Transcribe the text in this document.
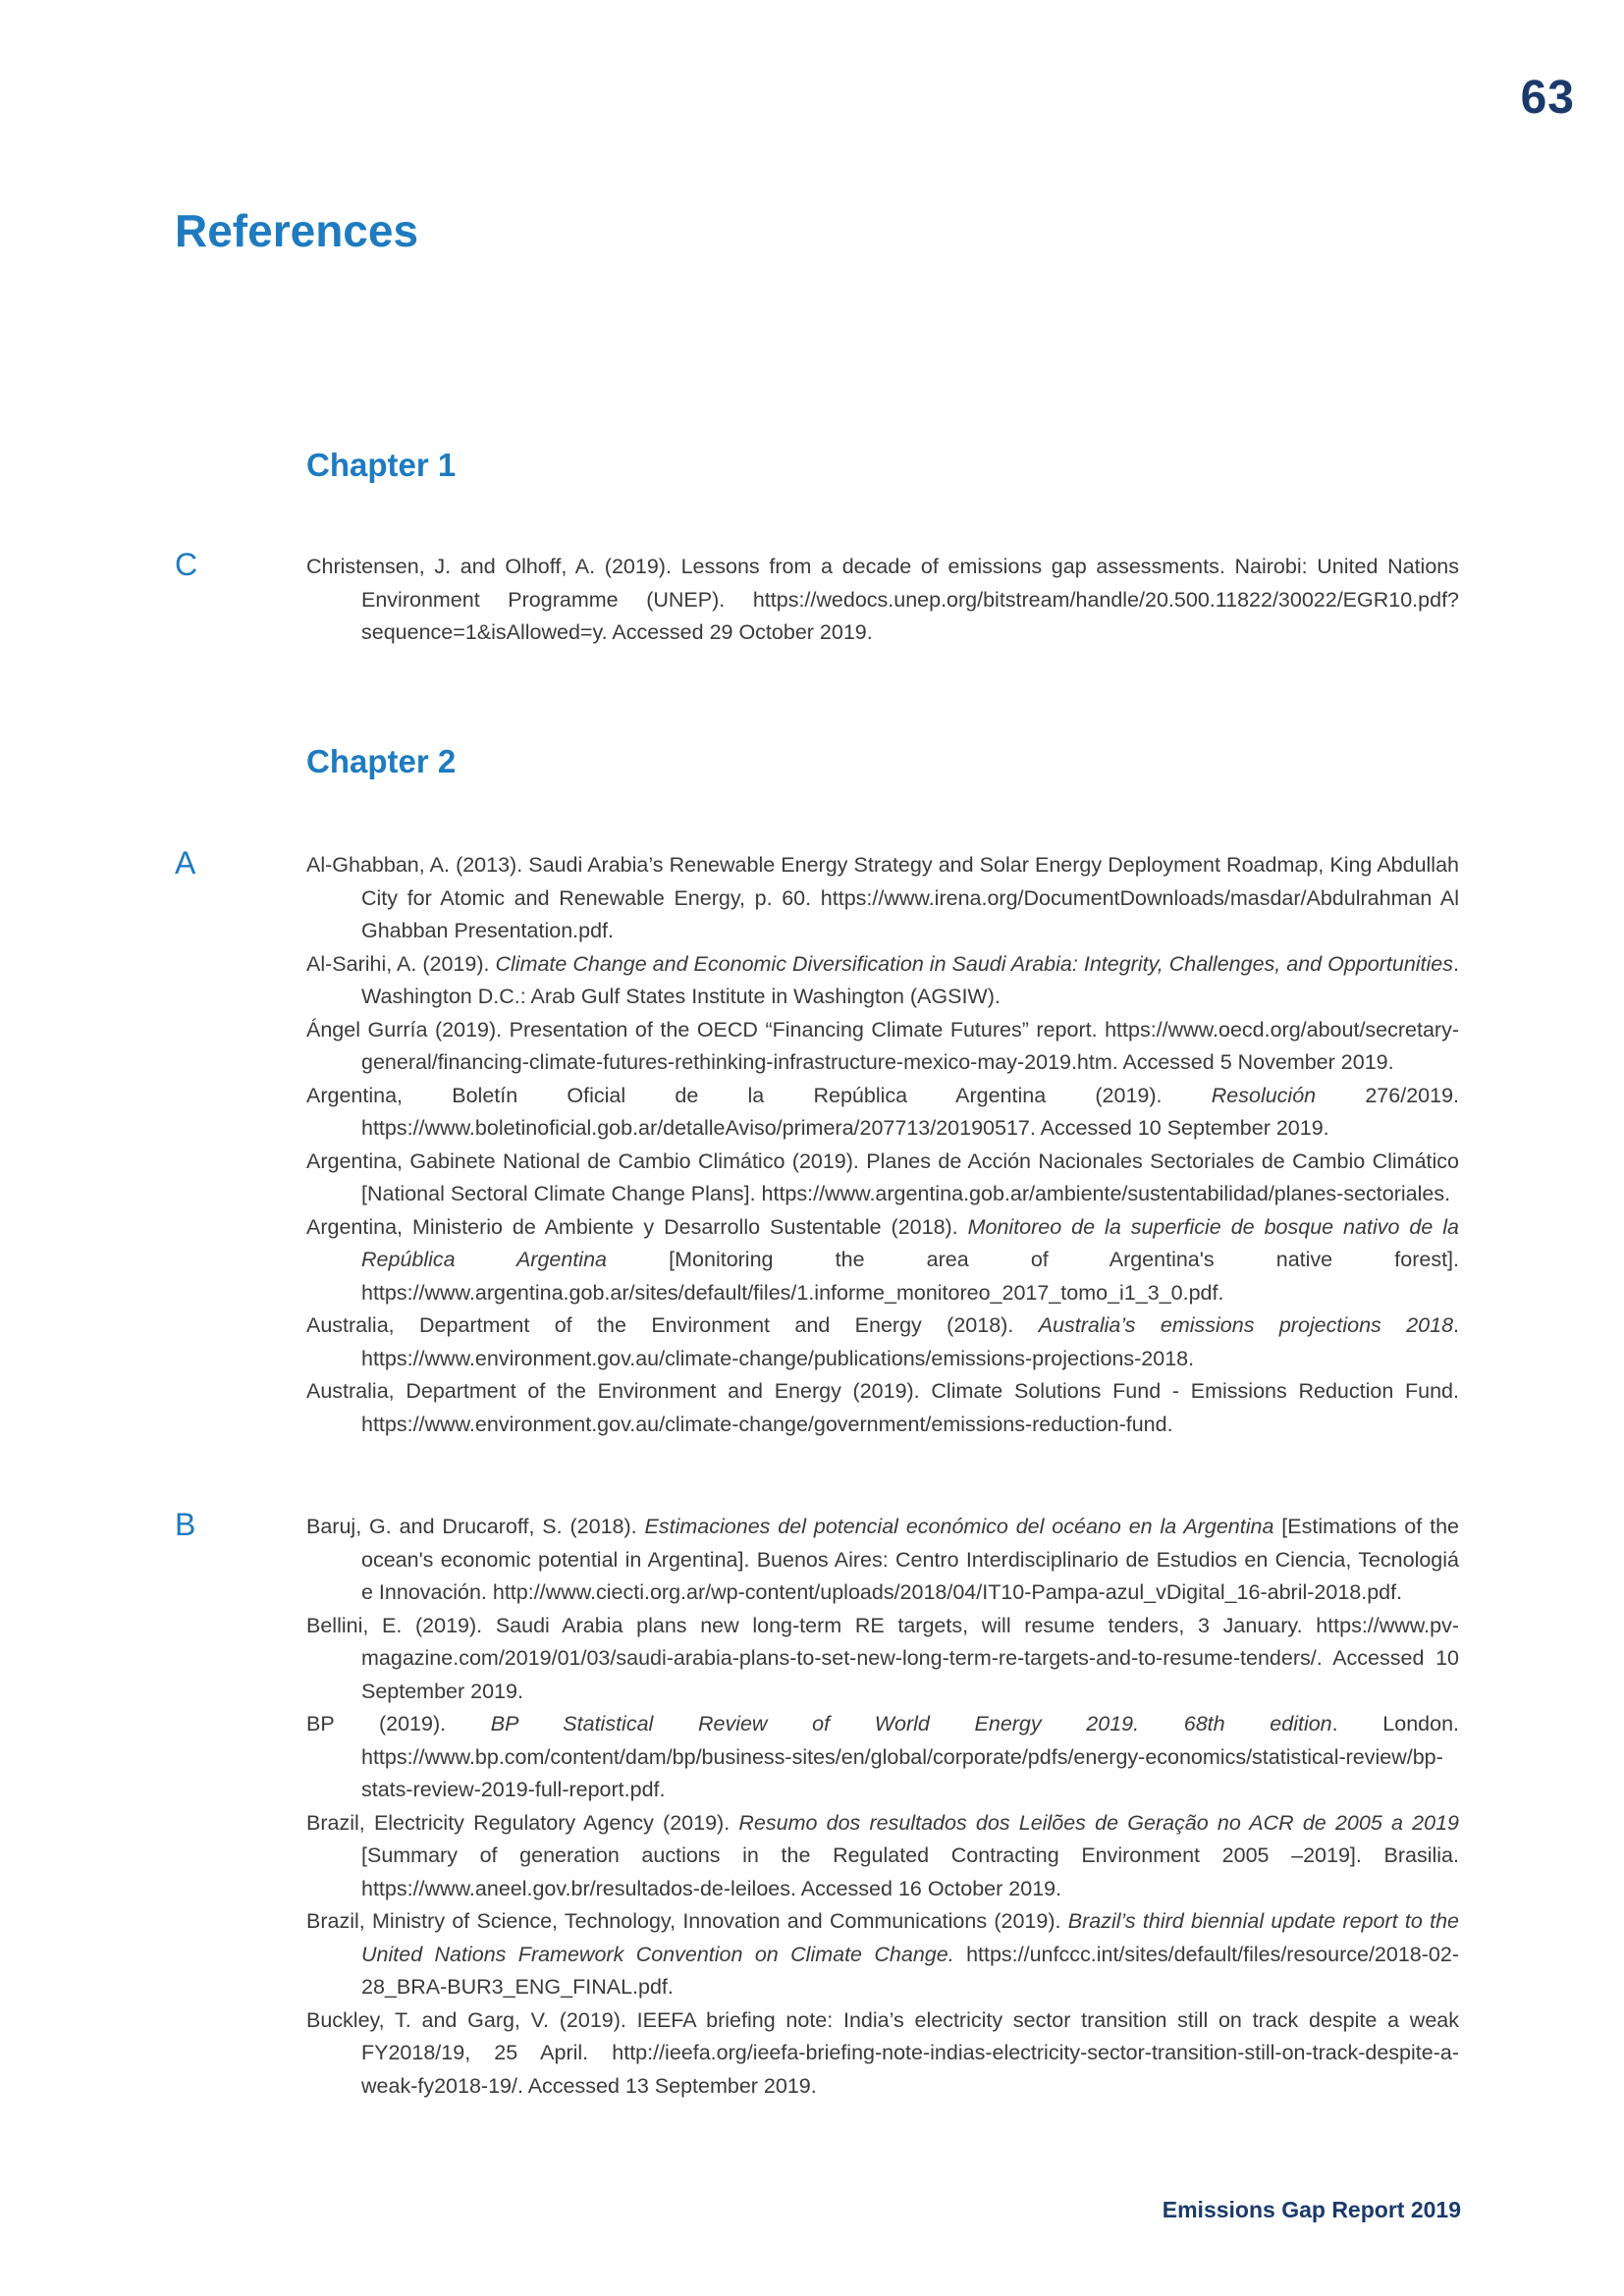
63
References
Chapter 1
C	Christensen, J. and Olhoff, A. (2019). Lessons from a decade of emissions gap assessments. Nairobi: United Nations Environment Programme (UNEP). https://wedocs.unep.org/bitstream/handle/20.500.11822/30022/EGR10.pdf?sequence=1&isAllowed=y. Accessed 29 October 2019.

Chapter 2
A	Al-Ghabban, A. (2013). Saudi Arabia’s Renewable Energy Strategy and Solar Energy Deployment Roadmap, King Abdullah City for Atomic and Renewable Energy, p. 60. https://www.irena.org/DocumentDownloads/masdar/Abdulrahman Al Ghabban Presentation.pdf.

Al-Sarihi, A. (2019). Climate Change and Economic Diversification in Saudi Arabia: Integrity, Challenges, and Opportunities. Washington D.C.: Arab Gulf States Institute in Washington (AGSIW).

Ángel Gurría (2019). Presentation of the OECD “Financing Climate Futures” report. https://www.oecd.org/about/secretary-general/financing-climate-futures-rethinking-infrastructure-mexico-may-2019.htm. Accessed 5 November 2019.

Argentina, Boletín Oficial de la República Argentina (2019). Resolución 276/2019. https://www.boletinoficial.gob.ar/detalleAviso/primera/207713/20190517. Accessed 10 September 2019.

Argentina, Gabinete National de Cambio Climático (2019). Planes de Acción Nacionales Sectoriales de Cambio Climático [National Sectoral Climate Change Plans]. https://www.argentina.gob.ar/ambiente/sustentabilidad/planes-sectoriales.

Argentina, Ministerio de Ambiente y Desarrollo Sustentable (2018). Monitoreo de la superficie de bosque nativo de la República Argentina [Monitoring the area of Argentina's native forest]. https://www.argentina.gob.ar/sites/default/files/1.informe_monitoreo_2017_tomo_i1_3_0.pdf.

Australia, Department of the Environment and Energy (2018). Australia’s emissions projections 2018. https://www.environment.gov.au/climate-change/publications/emissions-projections-2018.

Australia, Department of the Environment and Energy (2019). Climate Solutions Fund - Emissions Reduction Fund. https://www.environment.gov.au/climate-change/government/emissions-reduction-fund.

B	Baruj, G. and Drucaroff, S. (2018). Estimaciones del potencial económico del océano en la Argentina [Estimations of the ocean's economic potential in Argentina]. Buenos Aires: Centro Interdisciplinario de Estudios en Ciencia, Tecnologiá e Innovación. http://www.ciecti.org.ar/wp-content/uploads/2018/04/IT10-Pampa-azul_vDigital_16-abril-2018.pdf.

Bellini, E. (2019). Saudi Arabia plans new long-term RE targets, will resume tenders, 3 January. https://www.pv-magazine.com/2019/01/03/saudi-arabia-plans-to-set-new-long-term-re-targets-and-to-resume-tenders/. Accessed 10 September 2019.

BP (2019). BP Statistical Review of World Energy 2019. 68th edition. London. https://www.bp.com/content/dam/bp/business-sites/en/global/corporate/pdfs/energy-economics/statistical-review/bp-stats-review-2019-full-report.pdf.

Brazil, Electricity Regulatory Agency (2019). Resumo dos resultados dos Leilões de Geração no ACR de 2005 a 2019 [Summary of generation auctions in the Regulated Contracting Environment 2005 –2019]. Brasilia. https://www.aneel.gov.br/resultados-de-leiloes. Accessed 16 October 2019.

Brazil, Ministry of Science, Technology, Innovation and Communications (2019). Brazil’s third biennial update report to the United Nations Framework Convention on Climate Change. https://unfccc.int/sites/default/files/resource/2018-02-28_BRA-BUR3_ENG_FINAL.pdf.

Buckley, T. and Garg, V. (2019). IEEFA briefing note: India’s electricity sector transition still on track despite a weak FY2018/19, 25 April. http://ieefa.org/ieefa-briefing-note-indias-electricity-sector-transition-still-on-track-despite-a-weak-fy2018-19/. Accessed 13 September 2019.

Emissions Gap Report 2019
